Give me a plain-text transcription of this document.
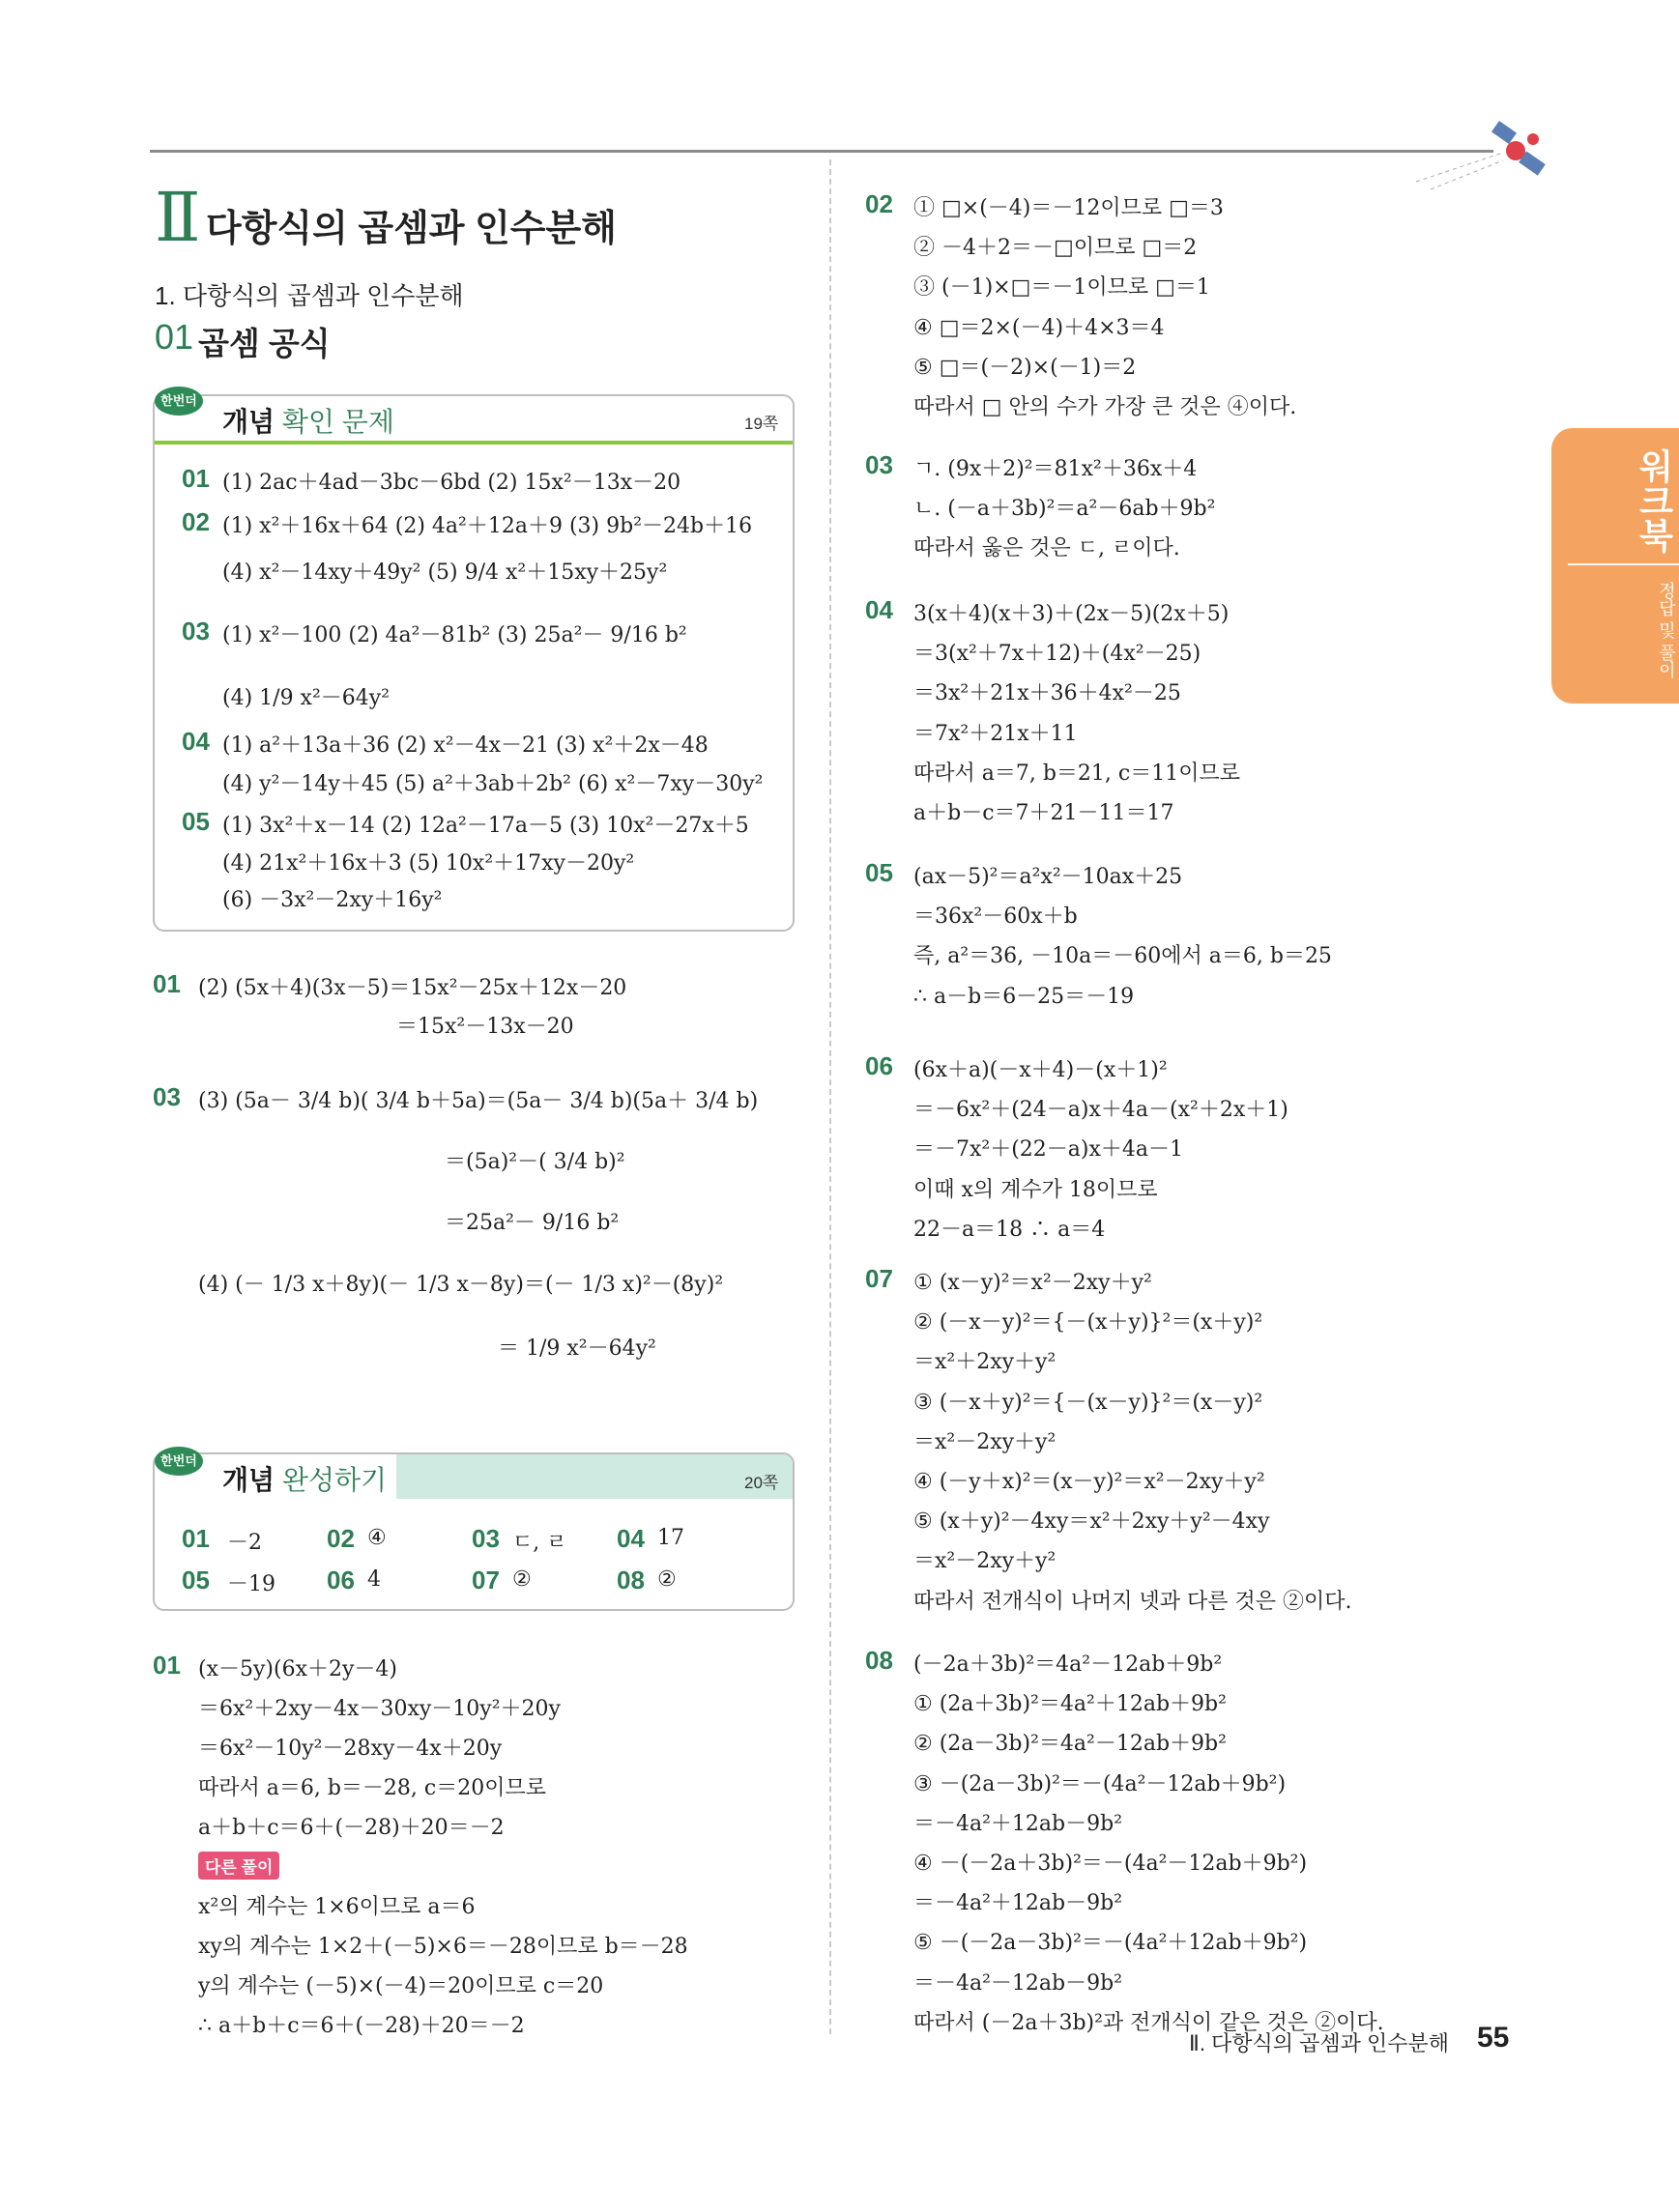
Ⅱ 다항식의 곱셈과 인수분해
1. 다항식의 곱셈과 인수분해
01 곱셈 공식
워크북
정답 및 풀이
한번더
개념 확인 문제	19쪽
01 (1) 2ac＋4ad－3bc－6bd (2) 15x²－13x－20
02 (1) x²＋16x＋64 (2) 4a²＋12a＋9 (3) 9b²－24b＋16
(4) x²－14xy＋49y² (5) 9/4 x²＋15xy＋25y²
03 (1) x²－100 (2) 4a²－81b² (3) 25a²－ 9/16 b²
(4) 1/9 x²－64y²
04 (1) a²＋13a＋36 (2) x²－4x－21 (3) x²＋2x－48
(4) y²－14y＋45 (5) a²＋3ab＋2b² (6) x²－7xy－30y²
05 (1) 3x²＋x－14 (2) 12a²－17a－5 (3) 10x²－27x＋5
(4) 21x²＋16x＋3 (5) 10x²＋17xy－20y²
(6) －3x²－2xy＋16y²
01 (2) (5x＋4)(3x－5)＝15x²－25x＋12x－20
＝15x²－13x－20
03 (3) (5a－ 3/4 b)( 3/4 b＋5a)＝(5a－ 3/4 b)(5a＋ 3/4 b)
＝(5a)²－( 3/4 b)²
＝25a²－ 9/16 b²
(4) (－ 1/3 x＋8y)(－ 1/3 x－8y)＝(－ 1/3 x)²－(8y)²
＝ 1/9 x²－64y²
한번더
개념 완성하기	20쪽
01 －2	02 ④	03 ㄷ, ㄹ 04 17
05 －19 06 4	07 ②	08 ②
01 (x－5y)(6x＋2y－4)
＝6x²＋2xy－4x－30xy－10y²＋20y
＝6x²－10y²－28xy－4x＋20y
따라서 a＝6, b＝－28, c＝20이므로
a＋b＋c＝6＋(－28)＋20＝－2
다른 풀이
x²의 계수는 1×6이므로 a＝6
xy의 계수는 1×2＋(－5)×6＝－28이므로 b＝－28
y의 계수는 (－5)×(－4)＝20이므로 c＝20
∴ a＋b＋c＝6＋(－28)＋20＝－2
02 ① □×(－4)＝－12이므로 □＝3
② －4＋2＝－□이므로 □＝2
③ (－1)×□＝－1이므로 □＝1
④ □＝2×(－4)＋4×3＝4
⑤ □＝(－2)×(－1)＝2
따라서 □ 안의 수가 가장 큰 것은 ④이다.
03 ㄱ. (9x＋2)²＝81x²＋36x＋4
ㄴ. (－a＋3b)²＝a²－6ab＋9b²
따라서 옳은 것은 ㄷ, ㄹ이다.
04 3(x＋4)(x＋3)＋(2x－5)(2x＋5)
＝3(x²＋7x＋12)＋(4x²－25)
＝3x²＋21x＋36＋4x²－25
＝7x²＋21x＋11
따라서 a＝7, b＝21, c＝11이므로
a＋b－c＝7＋21－11＝17
05 (ax－5)²＝a²x²－10ax＋25
＝36x²－60x＋b
즉, a²＝36, －10a＝－60에서 a＝6, b＝25
∴ a－b＝6－25＝－19
06 (6x＋a)(－x＋4)－(x＋1)²
＝－6x²＋(24－a)x＋4a－(x²＋2x＋1)
＝－7x²＋(22－a)x＋4a－1
이때 x의 계수가 18이므로
22－a＝18 ∴ a＝4
07 ① (x－y)²＝x²－2xy＋y²
② (－x－y)²＝{－(x＋y)}²＝(x＋y)²
＝x²＋2xy＋y²
③ (－x＋y)²＝{－(x－y)}²＝(x－y)²
＝x²－2xy＋y²
④ (－y＋x)²＝(x－y)²＝x²－2xy＋y²
⑤ (x＋y)²－4xy＝x²＋2xy＋y²－4xy
＝x²－2xy＋y²
따라서 전개식이 나머지 넷과 다른 것은 ②이다.
08 (－2a＋3b)²＝4a²－12ab＋9b²
① (2a＋3b)²＝4a²＋12ab＋9b²
② (2a－3b)²＝4a²－12ab＋9b²
③ －(2a－3b)²＝－(4a²－12ab＋9b²)
＝－4a²＋12ab－9b²
④ －(－2a＋3b)²＝－(4a²－12ab＋9b²)
＝－4a²＋12ab－9b²
⑤ －(－2a－3b)²＝－(4a²＋12ab＋9b²)
＝－4a²－12ab－9b²
따라서 (－2a＋3b)²과 전개식이 같은 것은 ②이다.
Ⅱ. 다항식의 곱셈과 인수분해 55
